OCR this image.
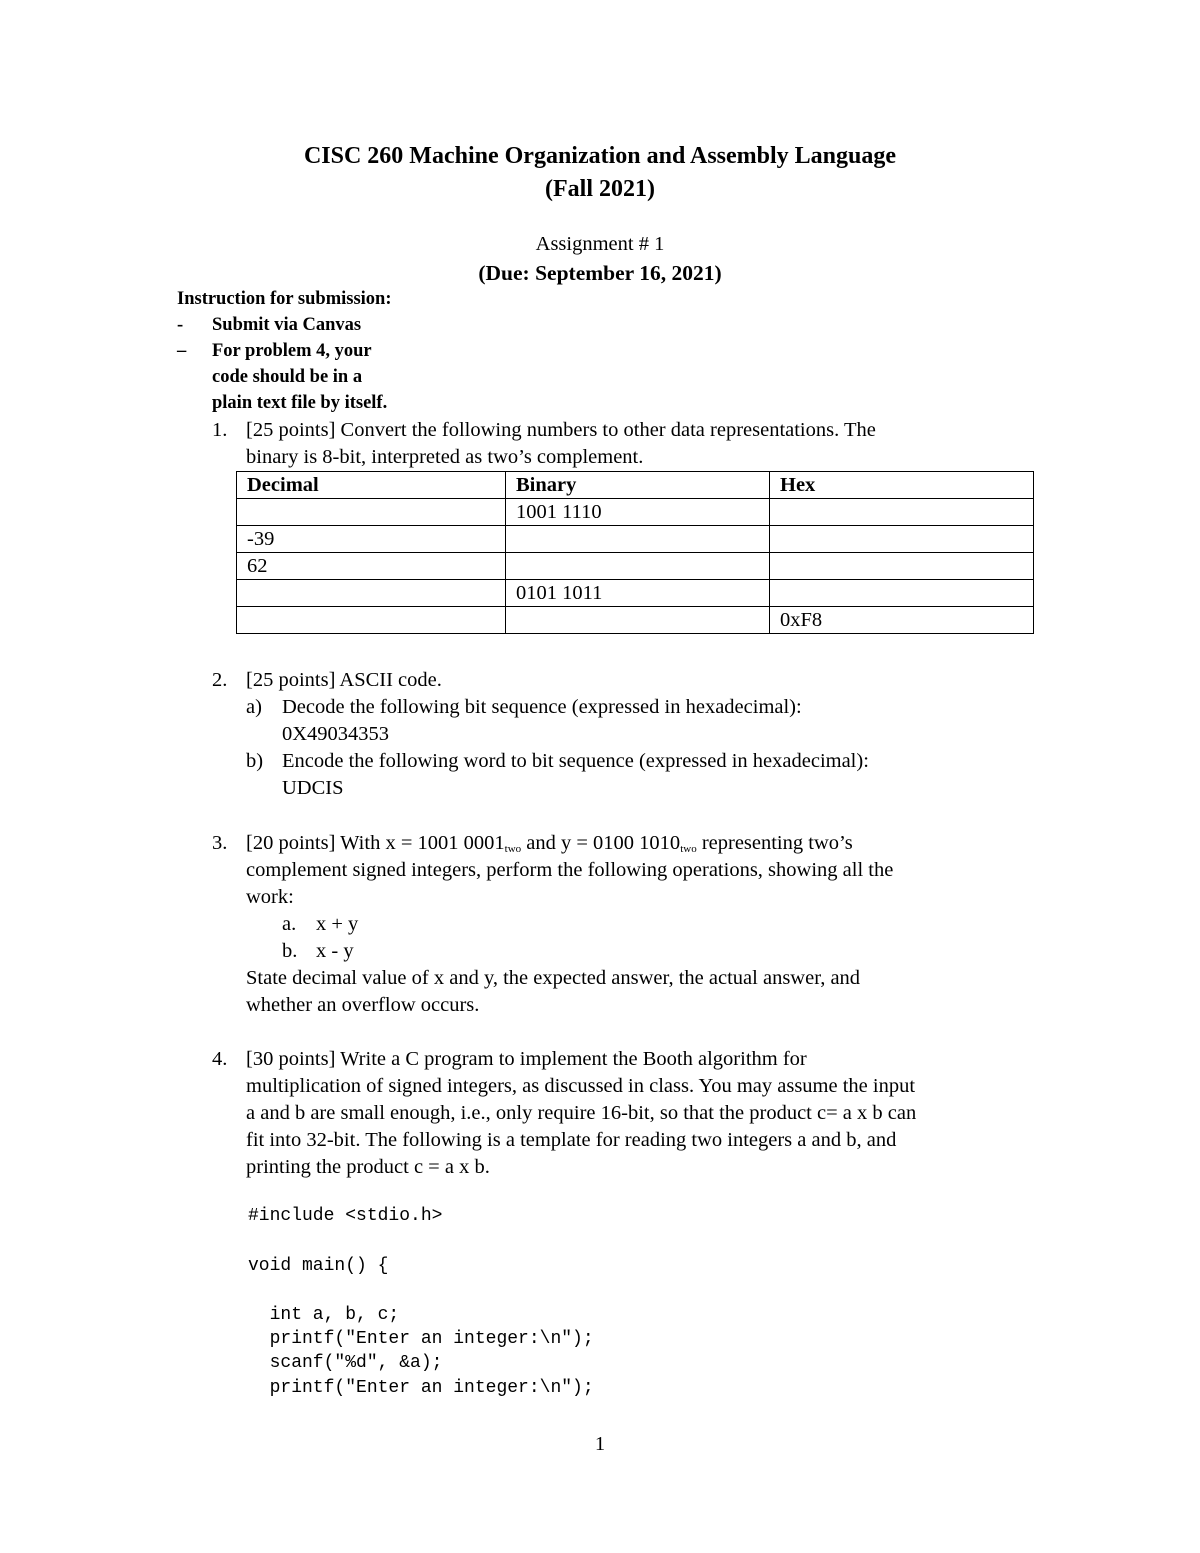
CISC 260 Machine Organization and Assembly Language

(Fall 2021)

Assignment # 1

(Due: September 16, 2021)

Instruction for submission:
- Submit via Canvas
– For problem 4, your code should be in a plain text file by itself.
1. [25 points] Convert the following numbers to other data representations. The
binary is 8-bit, interpreted as two’s complement.
Decimal	Binary	Hex
	1001 1110	
-39		
62		
	0101 1011	
		0xF8
2. [25 points] ASCII code.
a) Decode the following bit sequence (expressed in hexadecimal):
0X49034353
b) Encode the following word to bit sequence (expressed in hexadecimal):
UDCIS
3. [20 points] With x = 1001 $0001_{two}$ and y = 0100 $1010_{two}$ representing two’s
complement signed integers, perform the following operations, showing all the
work:
a. x + y
b. x - y
State decimal value of x and y, the expected answer, the actual answer, and
whether an overflow occurs.
4. [30 points] Write a C program to implement the Booth algorithm for
multiplication of signed integers, as discussed in class. You may assume the input
a and b are small enough, i.e., only require 16-bit, so that the product c= a x b can
fit into 32-bit. The following is a template for reading two integers a and b, and
printing the product c = a x b.
#include <stdio.h>
void main() {
int a, b, c;
printf("Enter an integer:\n");
scanf("%d", &a);
printf("Enter an integer:\n");

1
